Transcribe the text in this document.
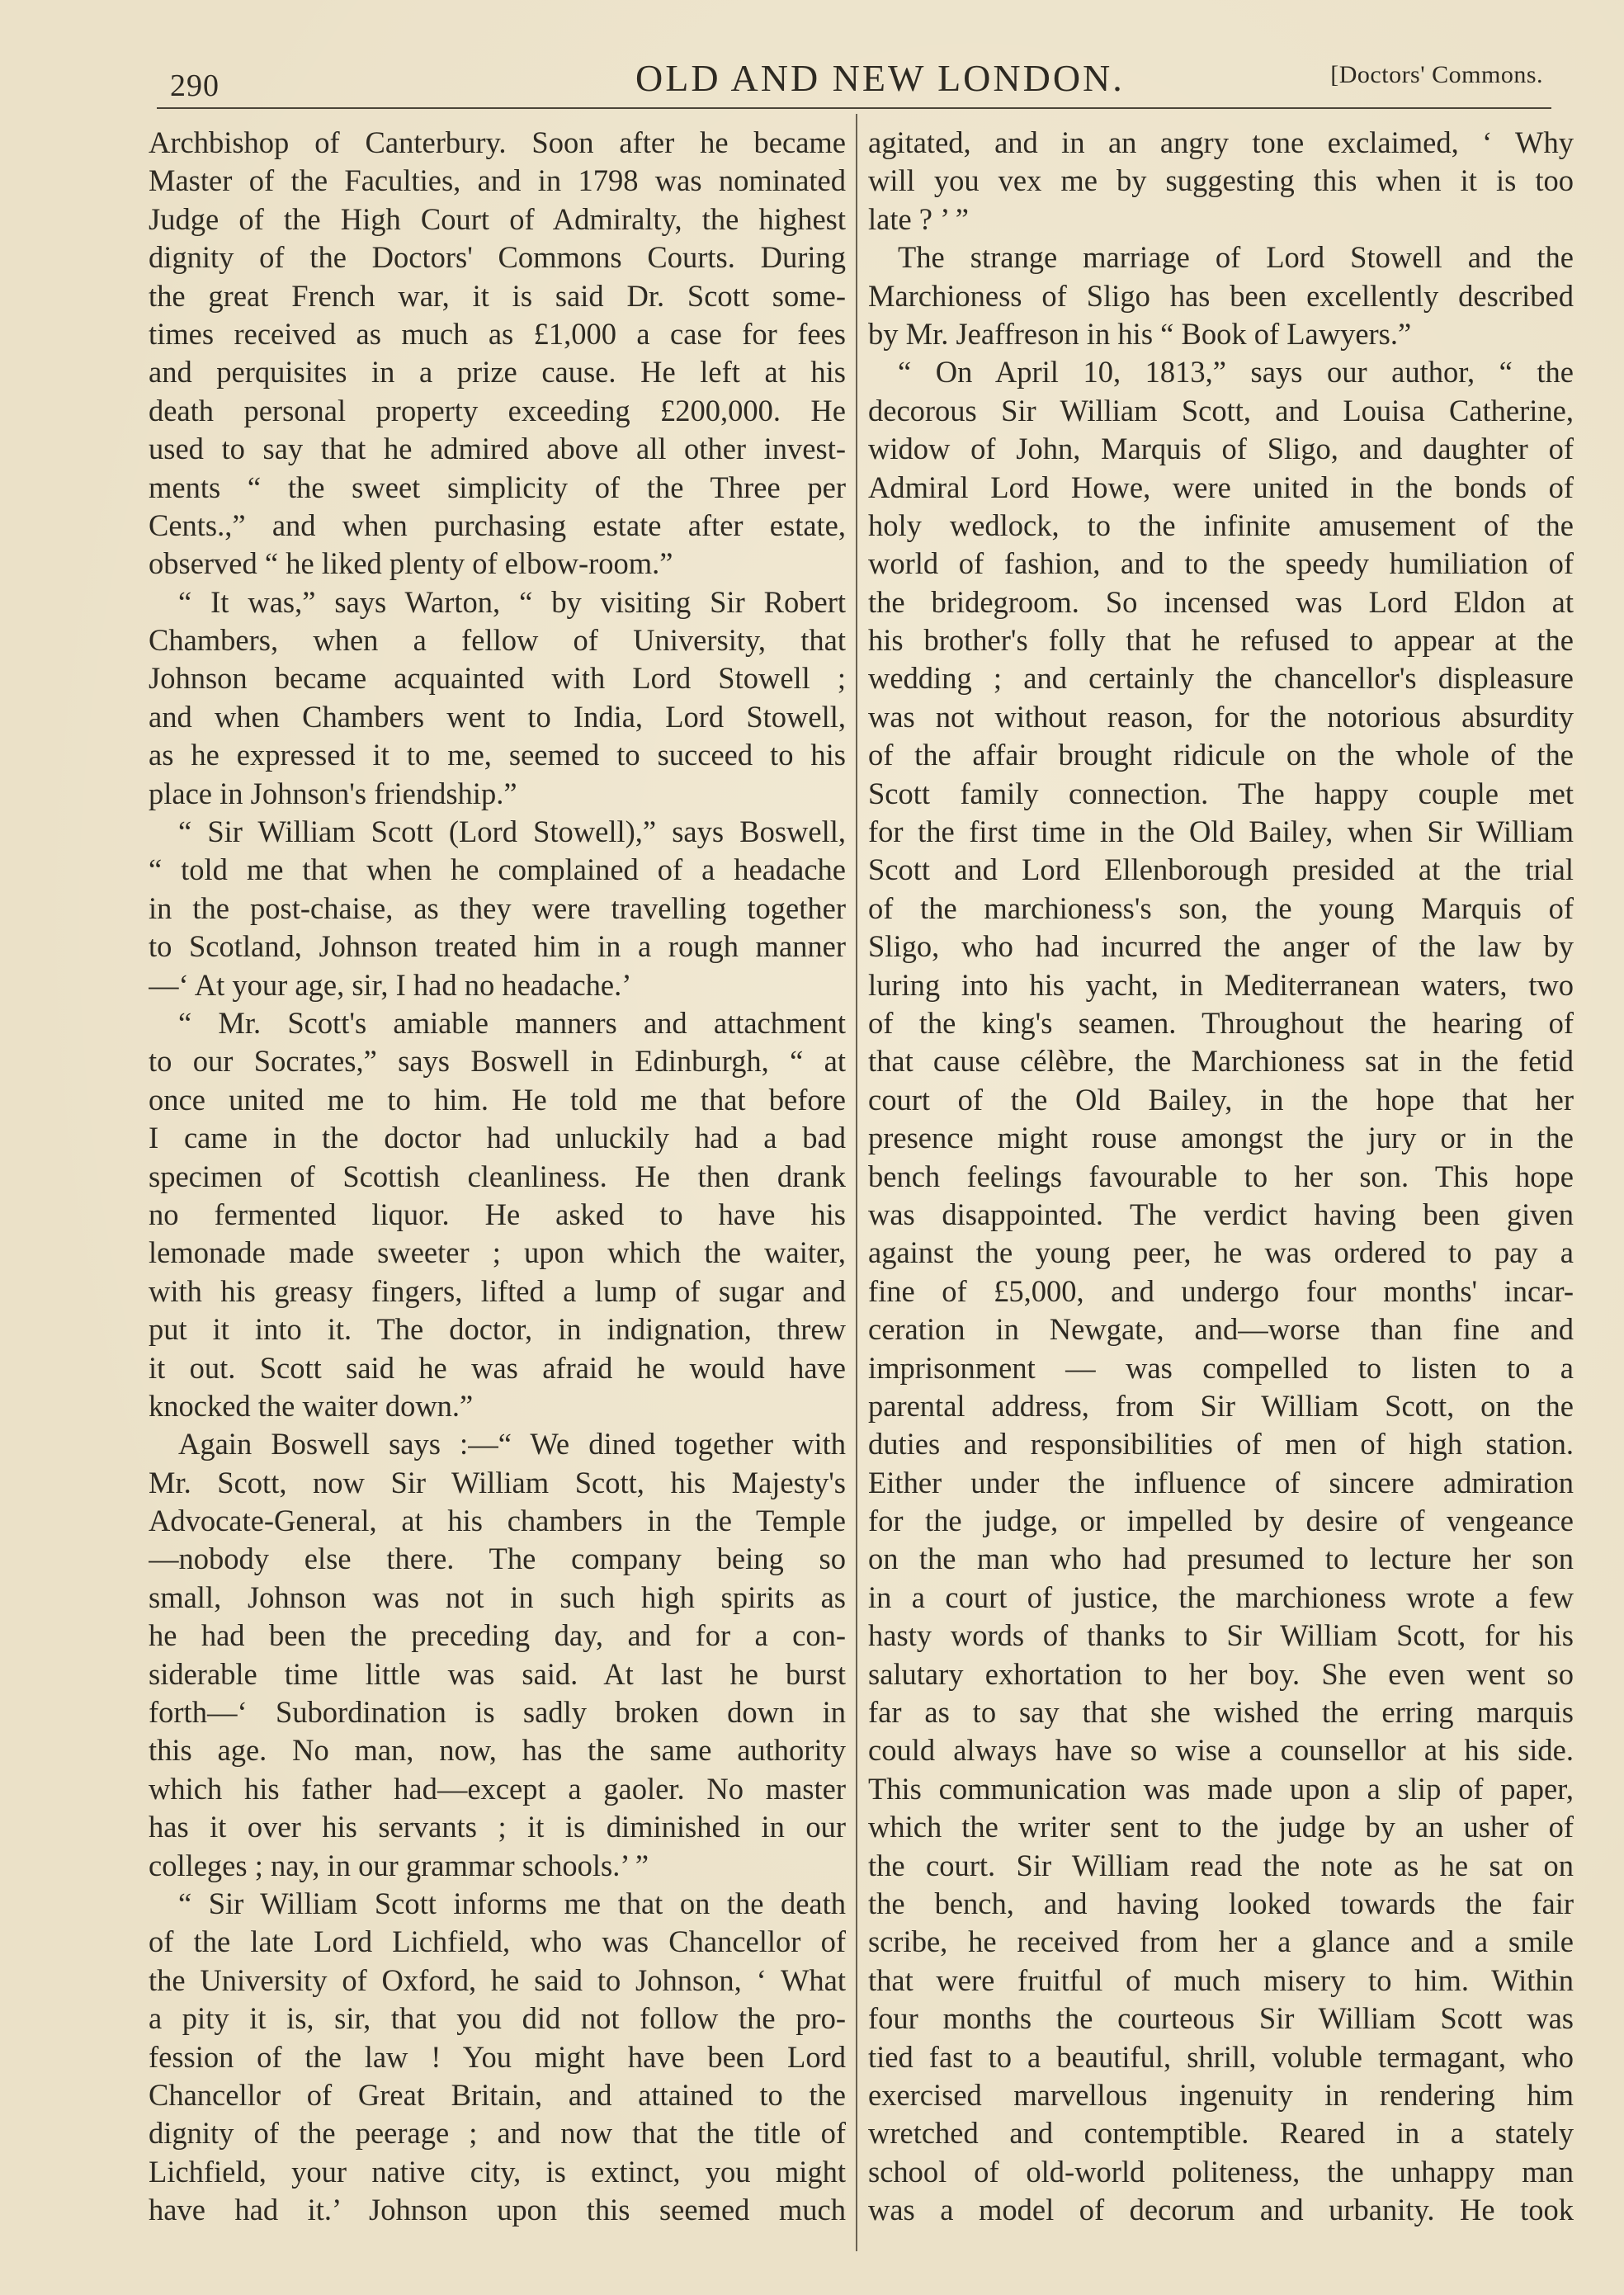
290	OLD AND NEW LONDON.	[Doctors' Commons.
Archbishop of Canterbury. Soon after he became
Master of the Faculties, and in 1798 was nominated
Judge of the High Court of Admiralty, the highest
dignity of the Doctors' Commons Courts. During
the great French war, it is said Dr. Scott some-
times received as much as £1,000 a case for fees
and perquisites in a prize cause. He left at his
death personal property exceeding £200,000. He
used to say that he admired above all other invest-
ments “ the sweet simplicity of the Three per
Cents.,” and when purchasing estate after estate,
observed “ he liked plenty of elbow-room.”
“ It was,” says Warton, “ by visiting Sir Robert
Chambers, when a fellow of University, that
Johnson became acquainted with Lord Stowell ;
and when Chambers went to India, Lord Stowell,
as he expressed it to me, seemed to succeed to his
place in Johnson's friendship.”
“ Sir William Scott (Lord Stowell),” says Boswell,
“ told me that when he complained of a headache
in the post-chaise, as they were travelling together
to Scotland, Johnson treated him in a rough manner
—‘ At your age, sir, I had no headache.’
“ Mr. Scott's amiable manners and attachment
to our Socrates,” says Boswell in Edinburgh, “ at
once united me to him. He told me that before
I came in the doctor had unluckily had a bad
specimen of Scottish cleanliness. He then drank
no fermented liquor. He asked to have his
lemonade made sweeter ; upon which the waiter,
with his greasy fingers, lifted a lump of sugar and
put it into it. The doctor, in indignation, threw
it out. Scott said he was afraid he would have
knocked the waiter down.”
Again Boswell says :—“ We dined together with
Mr. Scott, now Sir William Scott, his Majesty's
Advocate-General, at his chambers in the Temple
—nobody else there. The company being so
small, Johnson was not in such high spirits as
he had been the preceding day, and for a con-
siderable time little was said. At last he burst
forth—‘ Subordination is sadly broken down in
this age. No man, now, has the same authority
which his father had—except a gaoler. No master
has it over his servants ; it is diminished in our
colleges ; nay, in our grammar schools.’ ”
“ Sir William Scott informs me that on the death
of the late Lord Lichfield, who was Chancellor of
the University of Oxford, he said to Johnson, ‘ What
a pity it is, sir, that you did not follow the pro-
fession of the law ! You might have been Lord
Chancellor of Great Britain, and attained to the
dignity of the peerage ; and now that the title of
Lichfield, your native city, is extinct, you might
have had it.’ Johnson upon this seemed much
agitated, and in an angry tone exclaimed, ‘ Why
will you vex me by suggesting this when it is too
late ? ’ ”
The strange marriage of Lord Stowell and the
Marchioness of Sligo has been excellently described
by Mr. Jeaffreson in his “ Book of Lawyers.”
“ On April 10, 1813,” says our author, “ the
decorous Sir William Scott, and Louisa Catherine,
widow of John, Marquis of Sligo, and daughter of
Admiral Lord Howe, were united in the bonds of
holy wedlock, to the infinite amusement of the
world of fashion, and to the speedy humiliation of
the bridegroom. So incensed was Lord Eldon at
his brother's folly that he refused to appear at the
wedding ; and certainly the chancellor's displeasure
was not without reason, for the notorious absurdity
of the affair brought ridicule on the whole of the
Scott family connection. The happy couple met
for the first time in the Old Bailey, when Sir William
Scott and Lord Ellenborough presided at the trial
of the marchioness's son, the young Marquis of
Sligo, who had incurred the anger of the law by
luring into his yacht, in Mediterranean waters, two
of the king's seamen. Throughout the hearing of
that cause célèbre, the Marchioness sat in the fetid
court of the Old Bailey, in the hope that her
presence might rouse amongst the jury or in the
bench feelings favourable to her son. This hope
was disappointed. The verdict having been given
against the young peer, he was ordered to pay a
fine of £5,000, and undergo four months' incar-
ceration in Newgate, and—worse than fine and
imprisonment — was compelled to listen to a
parental address, from Sir William Scott, on the
duties and responsibilities of men of high station.
Either under the influence of sincere admiration
for the judge, or impelled by desire of vengeance
on the man who had presumed to lecture her son
in a court of justice, the marchioness wrote a few
hasty words of thanks to Sir William Scott, for his
salutary exhortation to her boy. She even went so
far as to say that she wished the erring marquis
could always have so wise a counsellor at his side.
This communication was made upon a slip of paper,
which the writer sent to the judge by an usher of
the court. Sir William read the note as he sat on
the bench, and having looked towards the fair
scribe, he received from her a glance and a smile
that were fruitful of much misery to him. Within
four months the courteous Sir William Scott was
tied fast to a beautiful, shrill, voluble termagant, who
exercised marvellous ingenuity in rendering him
wretched and contemptible. Reared in a stately
school of old-world politeness, the unhappy man
was a model of decorum and urbanity. He took
